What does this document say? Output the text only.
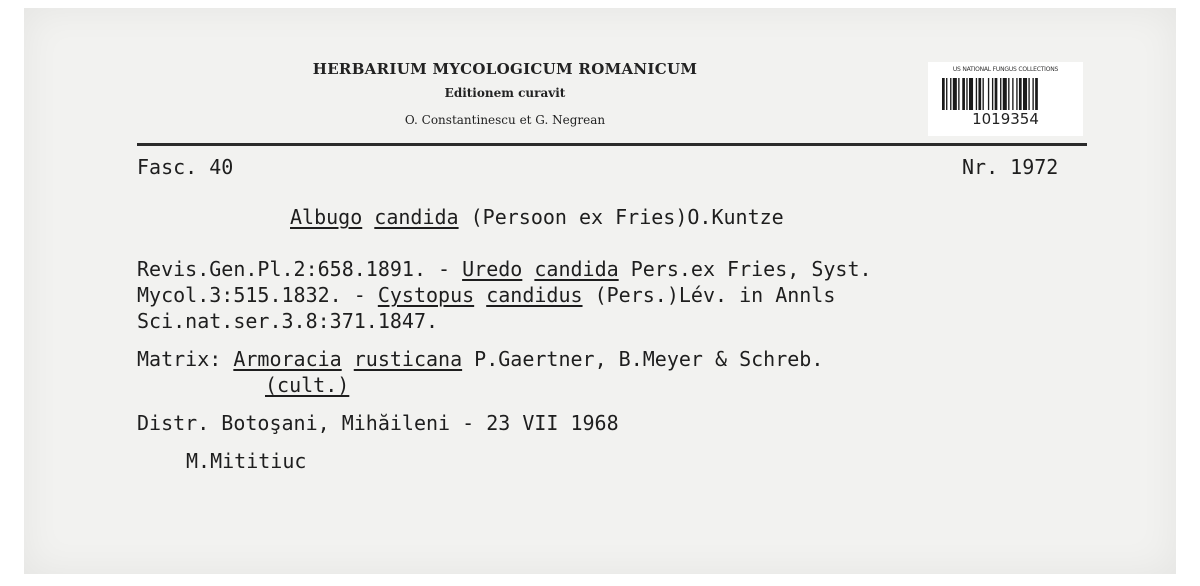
HERBARIUM MYCOLOGICUM ROMANICUM
Editionem curavit
O. Constantinescu et G. Negrean
US NATIONAL FUNGUS COLLECTIONS
1019354
Fasc. 40	Nr. 1972
Albugo candida (Persoon ex Fries)O.Kuntze
Revis.Gen.Pl.2:658.1891. - Uredo candida Pers.ex Fries, Syst.
Mycol.3:515.1832. - Cystopus candidus (Pers.)Lév. in Annls
Sci.nat.ser.3.8:371.1847.
Matrix: Armoracia rusticana P.Gaertner, B.Meyer & Schreb.
(cult.)
Distr. Botoşani, Mihăileni - 23 VII 1968
M.Mititiuc
